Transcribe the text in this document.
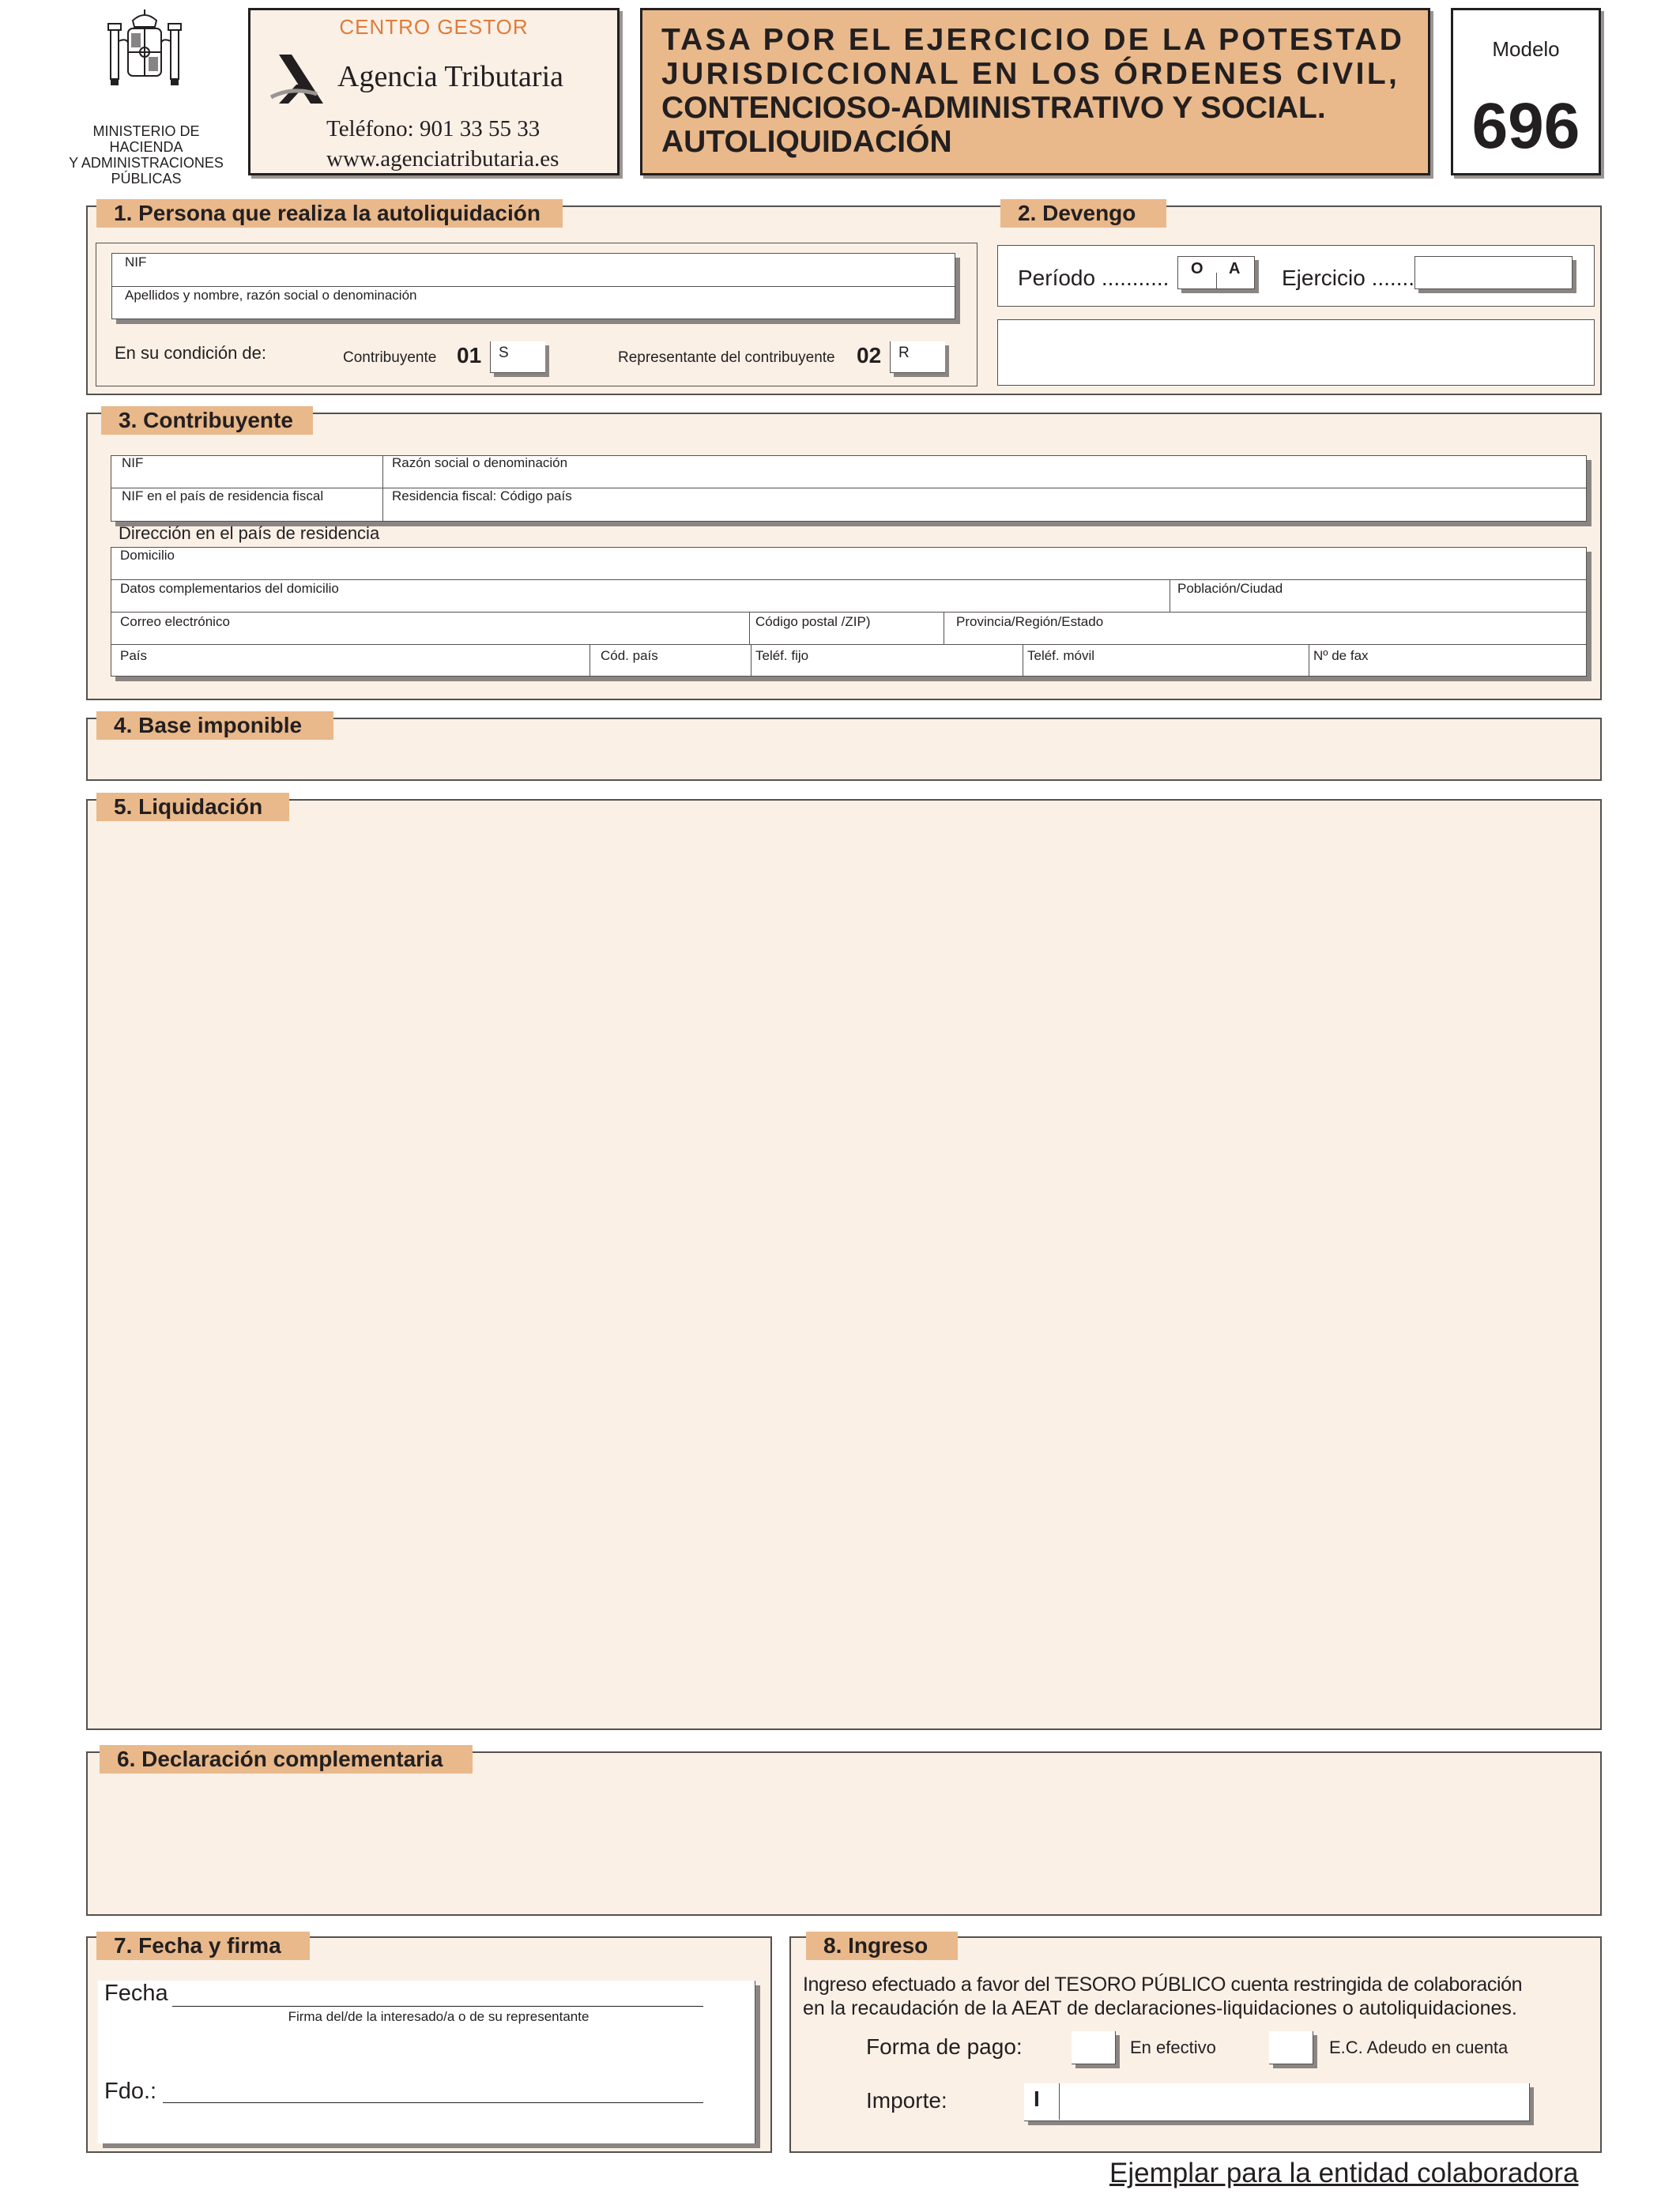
MINISTERIO DE HACIENDA
Y ADMINISTRACIONES
PÚBLICAS
CENTRO GESTOR
Agencia Tributaria
Teléfono: 901 33 55 33
www.agenciatributaria.es
TASA POR EL EJERCICIO DE LA POTESTAD
JURISDICCIONAL EN LOS ÓRDENES CIVIL,
CONTENCIOSO-ADMINISTRATIVO Y SOCIAL.
AUTOLIQUIDACIÓN
Modelo
696
1. Persona que realiza la autoliquidación	2. Devengo
NIF
Apellidos y nombre, razón social o denominación
En su condición de:	Contribuyente 01 S	Representante del contribuyente 02 R
Período ........... O A Ejercicio .......
3. Contribuyente
NIF	Razón social o denominación
NIF en el país de residencia fiscal	Residencia fiscal: Código país
Dirección en el país de residencia
Domicilio
Datos complementarios del domicilio	Población/Ciudad
Correo electrónico	Código postal /ZIP)	Provincia/Región/Estado
País	Cód. país	Teléf. fijo	Teléf. móvil	Nº de fax
4. Base imponible
5. Liquidación
6. Declaración complementaria
7. Fecha y firma
Fecha
Firma del/de la interesado/a o de su representante
Fdo.:
8. Ingreso
Ingreso efectuado a favor del TESORO PÚBLICO cuenta restringida de colaboración
en la recaudación de la AEAT de declaraciones-liquidaciones o autoliquidaciones.
Forma de pago:	En efectivo	E.C. Adeudo en cuenta
Importe:	I
Ejemplar para la entidad colaboradora
